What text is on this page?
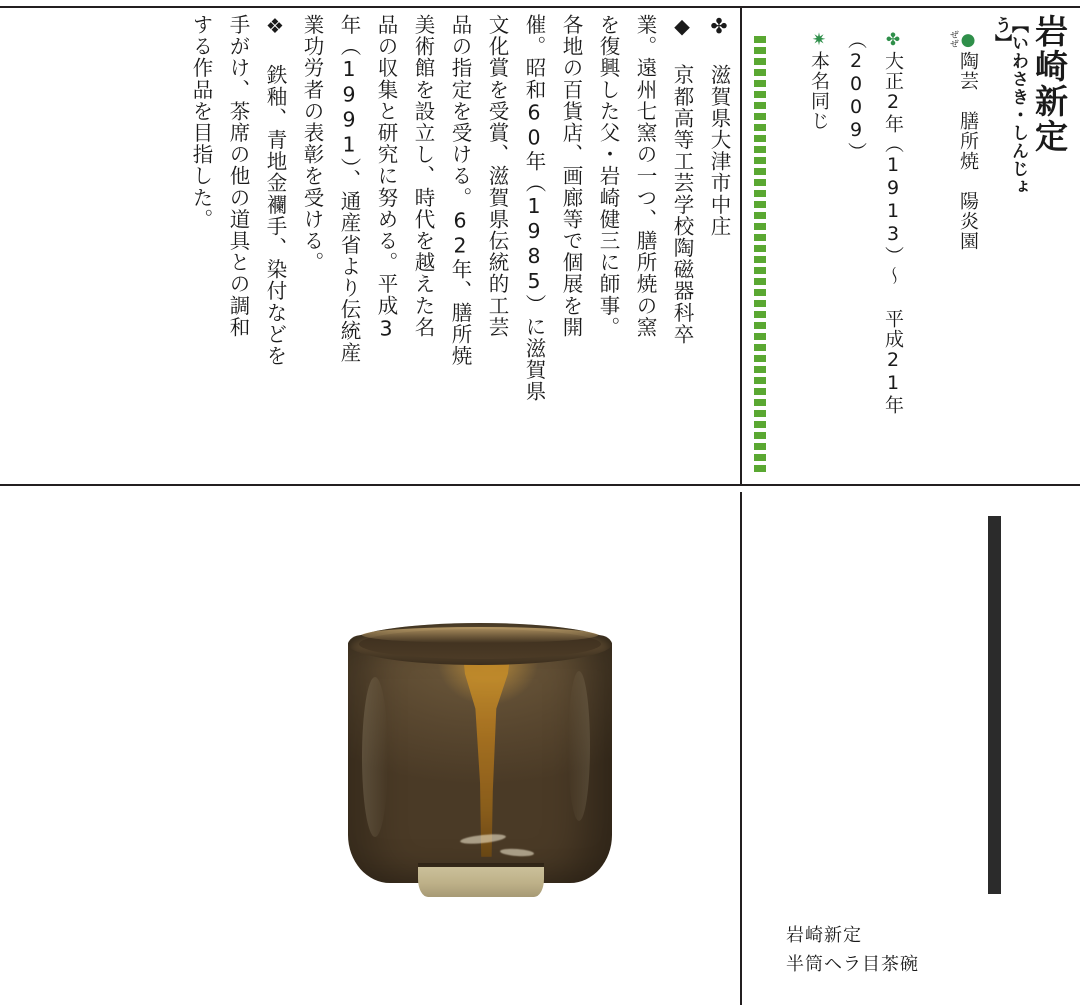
岩崎新定
【いわさき・しんじょう】
●陶芸　膳所焼　陽炎園
ぜぜ
✤大正2年（1913）～ 平成21年
（2009）
✷本名同じ
✤ 滋賀県大津市中庄
◆ 京都高等工芸学校陶磁器科卒
業。遠州七窯の一つ、膳所焼の窯
を復興した父・岩崎健三に師事。
各地の百貨店、画廊等で個展を開
催。昭和60年（1985）に滋賀県
文化賞を受賞、滋賀県伝統的工芸
品の指定を受ける。62年、膳所焼
美術館を設立し、時代を越えた名
品の収集と研究に努める。平成3
年（1991）、通産省より伝統産
業功労者の表彰を受ける。
❖ 鉄釉、青地金襴手、染付などを
手がけ、茶席の他の道具との調和
する作品を目指した。
岩崎新定
半筒ヘラ目茶碗
